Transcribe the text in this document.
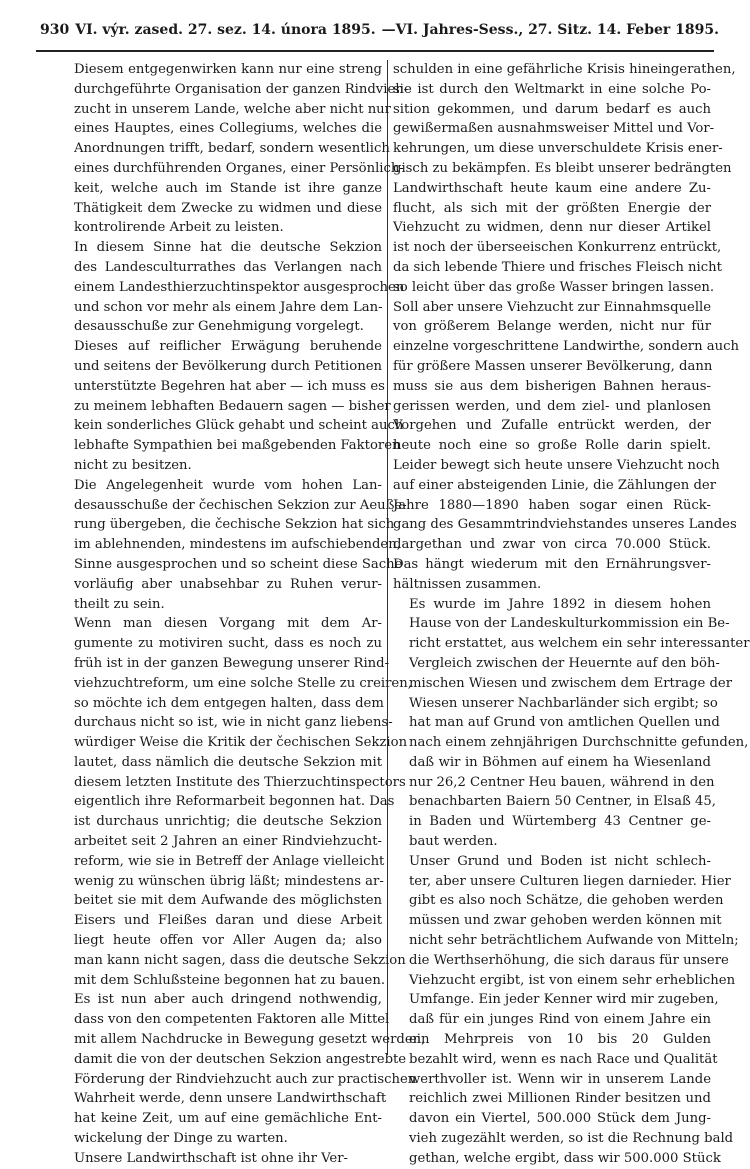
930 VI. výr. zased. 27. sez. 14. února 1895. — VI. Jahres-Sess., 27. Sitz. 14. Feber 1895.

Diesem entgegenwirken kann nur eine streng
durchgeführte Organisation der ganzen Rindvieh-
zucht in unserem Lande, welche aber nicht nur
eines Hauptes, eines Collegiums, welches die
Anordnungen trifft, bedarf, sondern wesentlich
eines durchführenden Organes, einer Persönlich-
keit, welche auch im Stande ist ihre ganze
Thätigkeit dem Zwecke zu widmen und diese
kontrolirende Arbeit zu leisten.

In diesem Sinne hat die deutsche Sekzion
des Landesculturrathes das Verlangen nach
einem Landesthierzuchtinspektor ausgesprochen
und schon vor mehr als einem Jahre dem Lan-
desausschuße zur Genehmigung vorgelegt.

Dieses auf reiflicher Erwägung beruhende
und seitens der Bevölkerung durch Petitionen
unterstützte Begehren hat aber — ich muss es
zu meinem lebhaften Bedauern sagen — bisher
kein sonderliches Glück gehabt und scheint auch
lebhafte Sympathien bei maßgebenden Faktoren
nicht zu besitzen.

Die Angelegenheit wurde vom hohen Lan-
desausschuße der čechischen Sekzion zur Aeuße-
rung übergeben, die čechische Sekzion hat sich
im ablehnenden, mindestens im aufschiebenden,
Sinne ausgesprochen und so scheint diese Sache
vorläufig aber unabsehbar zu Ruhen verur-
theilt zu sein.

Wenn man diesen Vorgang mit dem Ar-
gumente zu motiviren sucht, dass es noch zu
früh ist in der ganzen Bewegung unserer Rind-
viehzuchtreform, um eine solche Stelle zu creiren,
so möchte ich dem entgegen halten, dass dem
durchaus nicht so ist, wie in nicht ganz liebens-
würdiger Weise die Kritik der čechischen Sekzion
lautet, dass nämlich die deutsche Sekzion mit
diesem letzten Institute des Thierzuchtinspectors
eigentlich ihre Reformarbeit begonnen hat. Das
ist durchaus unrichtig; die deutsche Sekzion
arbeitet seit 2 Jahren an einer Rindviehzucht-
reform, wie sie in Betreff der Anlage vielleicht
wenig zu wünschen übrig läßt; mindestens ar-
beitet sie mit dem Aufwande des möglichsten
Eisers und Fleißes daran und diese Arbeit
liegt heute offen vor Aller Augen da; also
man kann nicht sagen, dass die deutsche Sekzion
mit dem Schlußsteine begonnen hat zu bauen.
Es ist nun aber auch dringend nothwendig,
dass von den competenten Faktoren alle Mittel
mit allem Nachdrucke in Bewegung gesetzt werden,
damit die von der deutschen Sekzion angestrebte
Förderung der Rindviehzucht auch zur practischen
Wahrheit werde, denn unsere Landwirthschaft
hat keine Zeit, um auf eine gemächliche Ent-
wickelung der Dinge zu warten.

Unsere Landwirthschaft ist ohne ihr Ver-

schulden in eine gefährliche Krisis hineingerathen,
sie ist durch den Weltmarkt in eine solche Po-
sition gekommen, und darum bedarf es auch
gewißermaßen ausnahmsweiser Mittel und Vor-
kehrungen, um diese unverschuldete Krisis ener-
gisch zu bekämpfen. Es bleibt unserer bedrängten
Landwirthschaft heute kaum eine andere Zu-
flucht, als sich mit der größten Energie der
Viehzucht zu widmen, denn nur dieser Artikel
ist noch der überseeischen Konkurrenz entrückt,
da sich lebende Thiere und frisches Fleisch nicht
so leicht über das große Wasser bringen lassen.
Soll aber unsere Viehzucht zur Einnahmsquelle
von größerem Belange werden, nicht nur für
einzelne vorgeschrittene Landwirthe, sondern auch
für größere Massen unserer Bevölkerung, dann
muss sie aus dem bisherigen Bahnen heraus-
gerissen werden, und dem ziel- und planlosen
Vorgehen und Zufalle entrückt werden, der
heute noch eine so große Rolle darin spielt.
Leider bewegt sich heute unsere Viehzucht noch
auf einer absteigenden Linie, die Zählungen der
Jahre 1880—1890 haben sogar einen Rück-
gang des Gesammtrindviehstandes unseres Landes
dargethan und zwar von circa 70.000 Stück.
Das hängt wiederum mit den Ernährungsver-
hältnissen zusammen.

Es wurde im Jahre 1892 in diesem hohen
Hause von der Landeskulturkommission ein Be-
richt erstattet, aus welchem ein sehr interessanter
Vergleich zwischen der Heuernte auf den böh-
mischen Wiesen und zwischem dem Ertrage der
Wiesen unserer Nachbarländer sich ergibt; so
hat man auf Grund von amtlichen Quellen und
nach einem zehnjährigen Durchschnitte gefunden,
daß wir in Böhmen auf einem ha Wiesenland
nur 26,2 Centner Heu bauen, während in den
benachbarten Baiern 50 Centner, in Elsaß 45,
in Baden und Würtemberg 43 Centner ge-
baut werden.

Unser Grund und Boden ist nicht schlech-
ter, aber unsere Culturen liegen darnieder. Hier
gibt es also noch Schätze, die gehoben werden
müssen und zwar gehoben werden können mit
nicht sehr beträchtlichem Aufwande von Mitteln;
die Werthserhöhung, die sich daraus für unsere
Viehzucht ergibt, ist von einem sehr erheblichen
Umfange. Ein jeder Kenner wird mir zugeben,
daß für ein junges Rind von einem Jahre ein
ein Mehrpreis von 10 bis 20 Gulden
bezahlt wird, wenn es nach Race und Qualität
werthvoller ist. Wenn wir in unserem Lande
reichlich zwei Millionen Rinder besitzen und
davon ein Viertel, 500.000 Stück dem Jung-
vieh zugezählt werden, so ist die Rechnung bald
gethan, welche ergibt, dass wir 500.000 Stück
